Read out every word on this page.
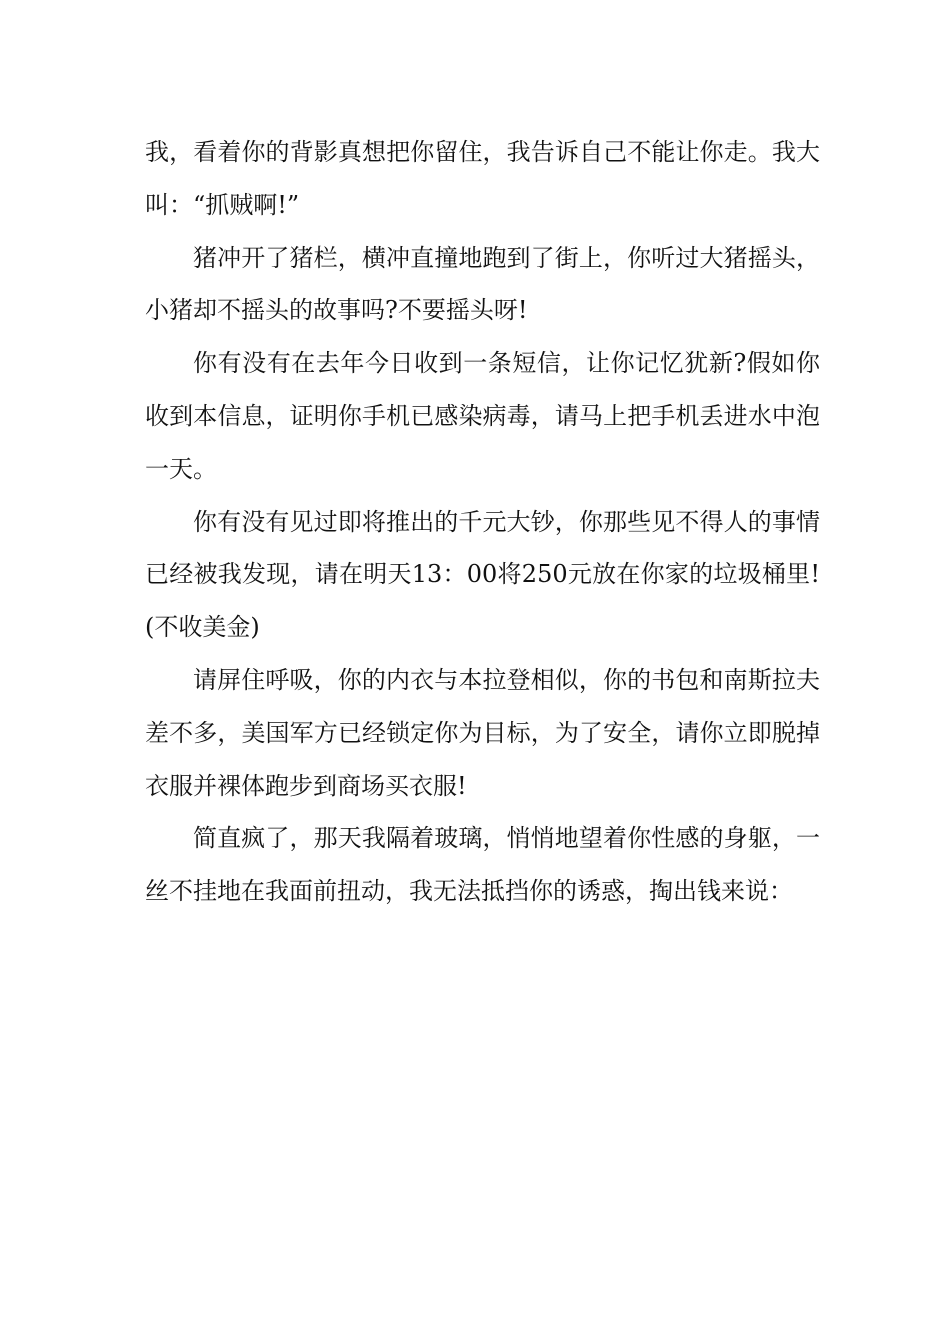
我，看着你的背影真想把你留住，我告诉自己不能让你走。我大叫：“抓贼啊!”

猪冲开了猪栏，横冲直撞地跑到了街上，你听过大猪摇头，小猪却不摇头的故事吗?不要摇头呀!

你有没有在去年今日收到一条短信，让你记忆犹新?假如你收到本信息，证明你手机已感染病毒，请马上把手机丢进水中泡一天。

你有没有见过即将推出的千元大钞，你那些见不得人的事情已经被我发现，请在明天13：00将250元放在你家的垃圾桶里!(不收美金)

请屏住呼吸，你的内衣与本拉登相似，你的书包和南斯拉夫差不多，美国军方已经锁定你为目标，为了安全，请你立即脱掉衣服并裸体跑步到商场买衣服!

简直疯了，那天我隔着玻璃，悄悄地望着你性感的身躯，一丝不挂地在我面前扭动，我无法抵挡你的诱惑，掏出钱来说：
